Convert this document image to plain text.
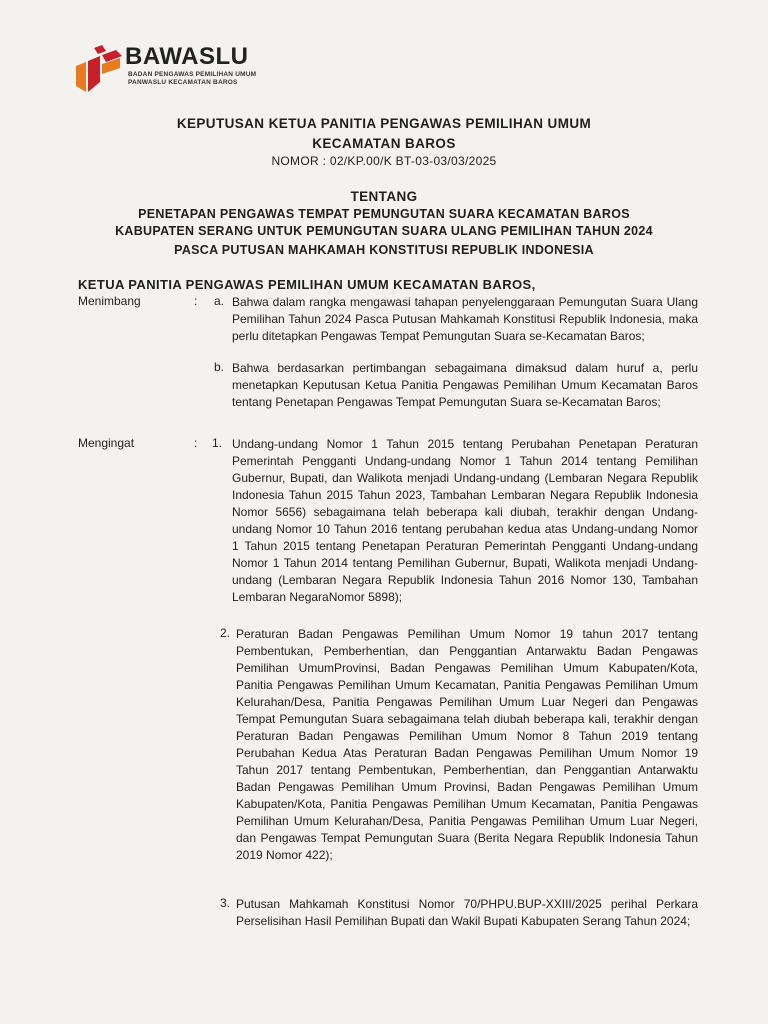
BAWASLU
BADAN PENGAWAS PEMILIHAN UMUM
PANWASLU KECAMATAN BAROS
KEPUTUSAN KETUA PANITIA PENGAWAS PEMILIHAN UMUM
KECAMATAN BAROS
NOMOR : 02/KP.00/K BT-03-03/03/2025
TENTANG
PENETAPAN PENGAWAS TEMPAT PEMUNGUTAN SUARA KECAMATAN BAROS
KABUPATEN SERANG UNTUK PEMUNGUTAN SUARA ULANG PEMILIHAN TAHUN 2024
PASCA PUTUSAN MAHKAMAH KONSTITUSI REPUBLIK INDONESIA
KETUA PANITIA PENGAWAS PEMILIHAN UMUM KECAMATAN BAROS,
Menimbang	: a. Bahwa dalam rangka mengawasi tahapan penyelenggaraan Pemungutan Suara Ulang Pemilihan Tahun 2024 Pasca Putusan Mahkamah Konstitusi Republik Indonesia, maka perlu ditetapkan Pengawas Tempat Pemungutan Suara se-Kecamatan Baros;
b. Bahwa berdasarkan pertimbangan sebagaimana dimaksud dalam huruf a, perlu menetapkan Keputusan Ketua Panitia Pengawas Pemilihan Umum Kecamatan Baros tentang Penetapan Pengawas Tempat Pemungutan Suara se-Kecamatan Baros;
Mengingat	: 1. Undang-undang Nomor 1 Tahun 2015 tentang Perubahan Penetapan Peraturan Pemerintah Pengganti Undang-undang Nomor 1 Tahun 2014 tentang Pemilihan Gubernur, Bupati, dan Walikota menjadi Undang-undang (Lembaran Negara Republik Indonesia Tahun 2015 Tahun 2023, Tambahan Lembaran Negara Republik Indonesia Nomor 5656) sebagaimana telah beberapa kali diubah, terakhir dengan Undang-undang Nomor 10 Tahun 2016 tentang perubahan kedua atas Undang-undang Nomor 1 Tahun 2015 tentang Penetapan Peraturan Pemerintah Pengganti Undang-undang Nomor 1 Tahun 2014 tentang Pemilihan Gubernur, Bupati, Walikota menjadi Undang-undang (Lembaran Negara Republik Indonesia Tahun 2016 Nomor 130, Tambahan Lembaran NegaraNomor 5898);
2. Peraturan Badan Pengawas Pemilihan Umum Nomor 19 tahun 2017 tentang Pembentukan, Pemberhentian, dan Penggantian Antarwaktu Badan Pengawas Pemilihan UmumProvinsi, Badan Pengawas Pemilihan Umum Kabupaten/Kota, Panitia Pengawas Pemilihan Umum Kecamatan, Panitia Pengawas Pemilihan Umum Kelurahan/Desa, Panitia Pengawas Pemilihan Umum Luar Negeri dan Pengawas Tempat Pemungutan Suara sebagaimana telah diubah beberapa kali, terakhir dengan Peraturan Badan Pengawas Pemilihan Umum Nomor 8 Tahun 2019 tentang Perubahan Kedua Atas Peraturan Badan Pengawas Pemilihan Umum Nomor 19 Tahun 2017 tentang Pembentukan, Pemberhentian, dan Penggantian Antarwaktu Badan Pengawas Pemilihan Umum Provinsi, Badan Pengawas Pemilihan Umum Kabupaten/Kota, Panitia Pengawas Pemilihan Umum Kecamatan, Panitia Pengawas Pemilihan Umum Kelurahan/Desa, Panitia Pengawas Pemilihan Umum Luar Negeri, dan Pengawas Tempat Pemungutan Suara (Berita Negara Republik Indonesia Tahun 2019 Nomor 422);
3. Putusan Mahkamah Konstitusi Nomor 70/PHPU.BUP-XXIII/2025 perihal Perkara Perselisihan Hasil Pemilihan Bupati dan Wakil Bupati Kabupaten Serang Tahun 2024;
